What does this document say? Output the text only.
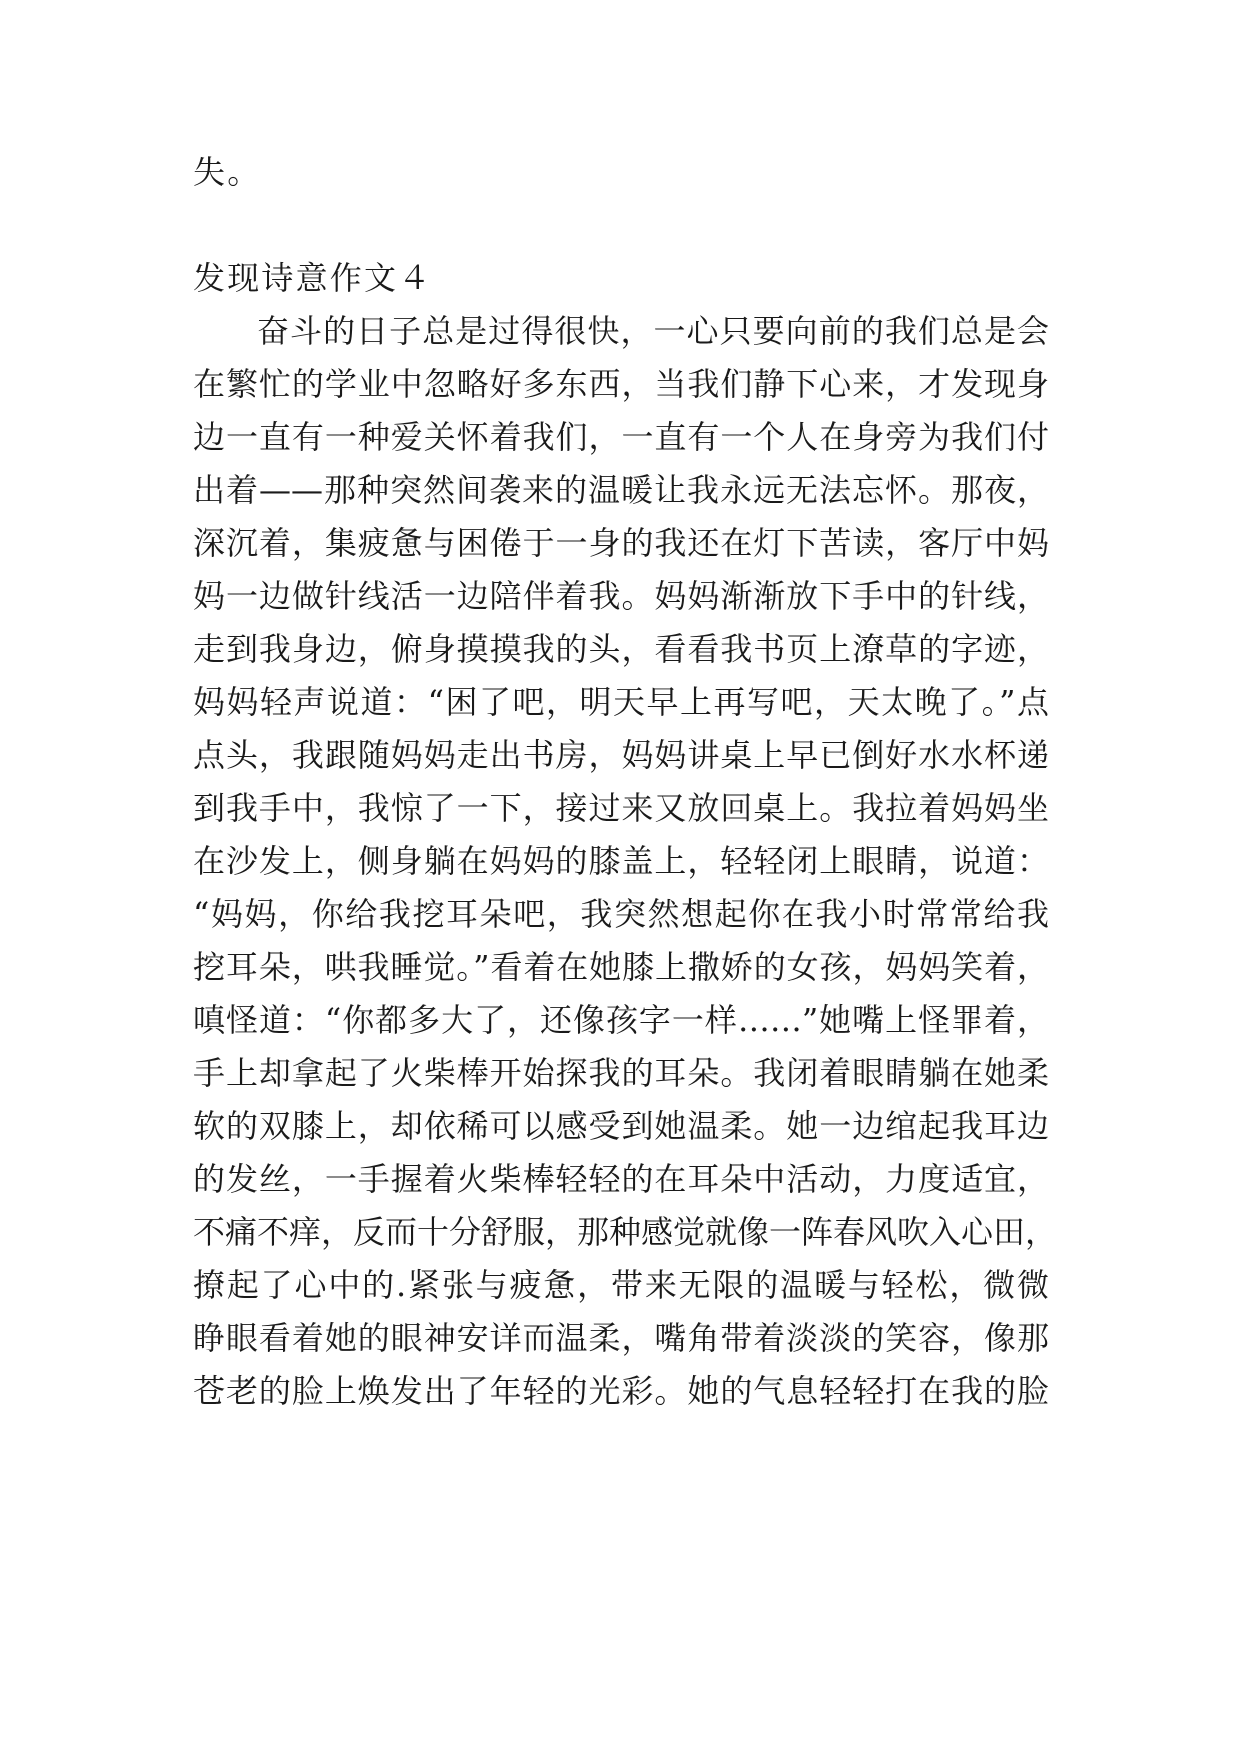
失。
发现诗意作文４
奋斗的日子总是过得很快，一心只要向前的我们总是会
在繁忙的学业中忽略好多东西，当我们静下心来，才发现身
边一直有一种爱关怀着我们，一直有一个人在身旁为我们付
出着——那种突然间袭来的温暖让我永远无法忘怀。那夜，
深沉着，集疲惫与困倦于一身的我还在灯下苦读，客厅中妈
妈一边做针线活一边陪伴着我。妈妈渐渐放下手中的针线，
走到我身边，俯身摸摸我的头，看看我书页上潦草的字迹，
妈妈轻声说道：“困了吧，明天早上再写吧，天太晚了。”点
点头，我跟随妈妈走出书房，妈妈讲桌上早已倒好水水杯递
到我手中，我惊了一下，接过来又放回桌上。我拉着妈妈坐
在沙发上，侧身躺在妈妈的膝盖上，轻轻闭上眼睛，说道：
“妈妈，你给我挖耳朵吧，我突然想起你在我小时常常给我
挖耳朵，哄我睡觉。”看着在她膝上撒娇的女孩，妈妈笑着，
嗔怪道：“你都多大了，还像孩字一样……”她嘴上怪罪着，
手上却拿起了火柴棒开始探我的耳朵。我闭着眼睛躺在她柔
软的双膝上，却依稀可以感受到她温柔。她一边绾起我耳边
的发丝，一手握着火柴棒轻轻的在耳朵中活动，力度适宜，
不痛不痒，反而十分舒服，那种感觉就像一阵春风吹入心田，
撩起了心中的.紧张与疲惫，带来无限的温暖与轻松，微微
睁眼看着她的眼神安详而温柔，嘴角带着淡淡的笑容，像那
苍老的脸上焕发出了年轻的光彩。她的气息轻轻打在我的脸
